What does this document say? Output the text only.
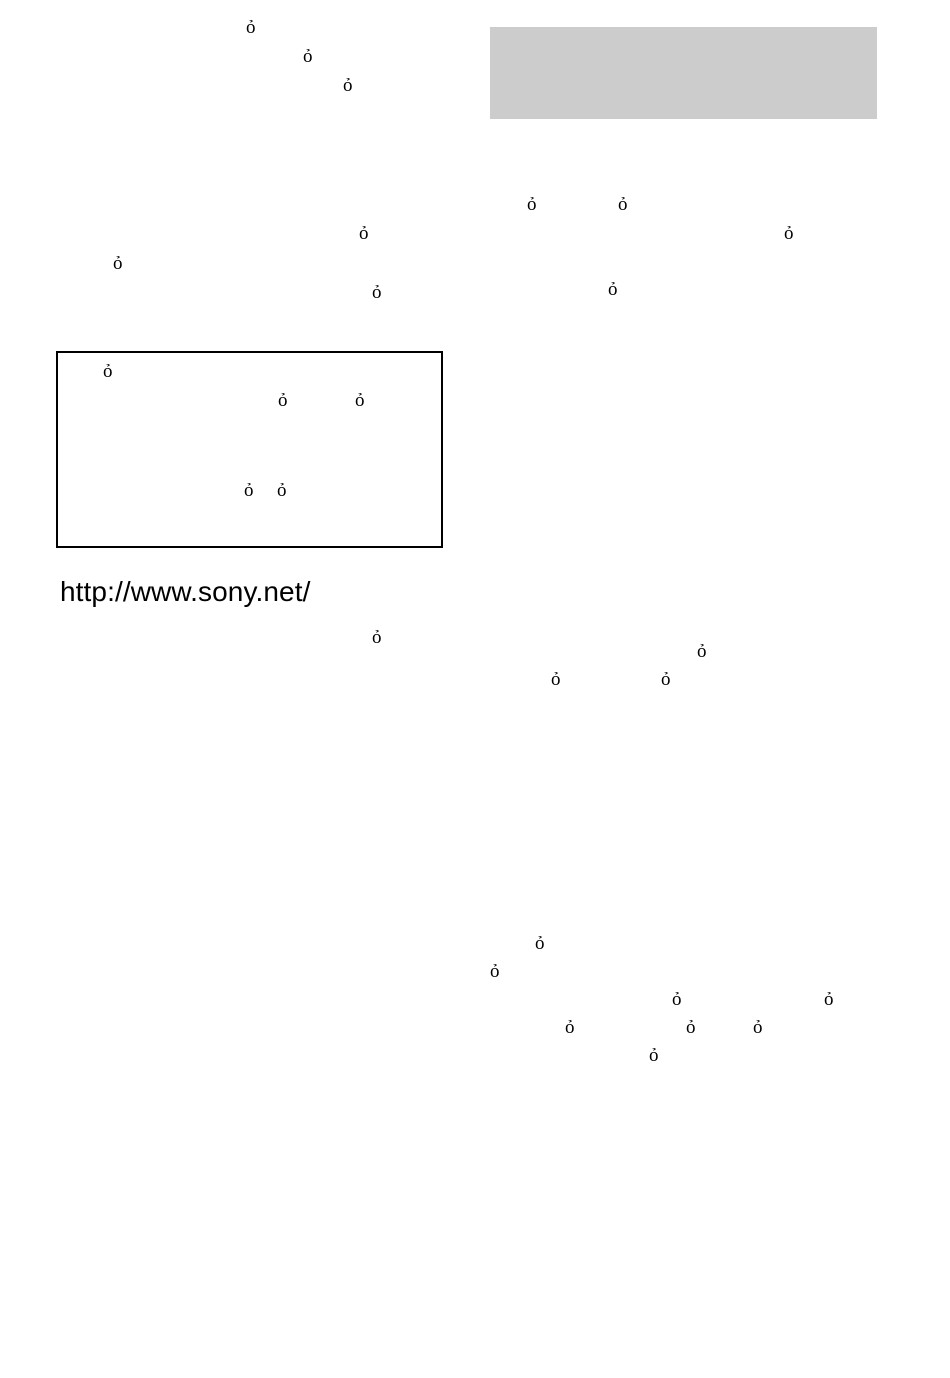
ỏ
ỏ
ỏ
ỏ
ỏ
ỏ
ỏ
ỏ	ỏ
ỏ ỏ
http://www.sony.net/
ỏ
ỏ	ỏ
ỏ
ỏ
ỏ
ỏ	ỏ
ỏ
ỏ
ỏ	ỏ
ỏ	ỏ	ỏ
ỏ
